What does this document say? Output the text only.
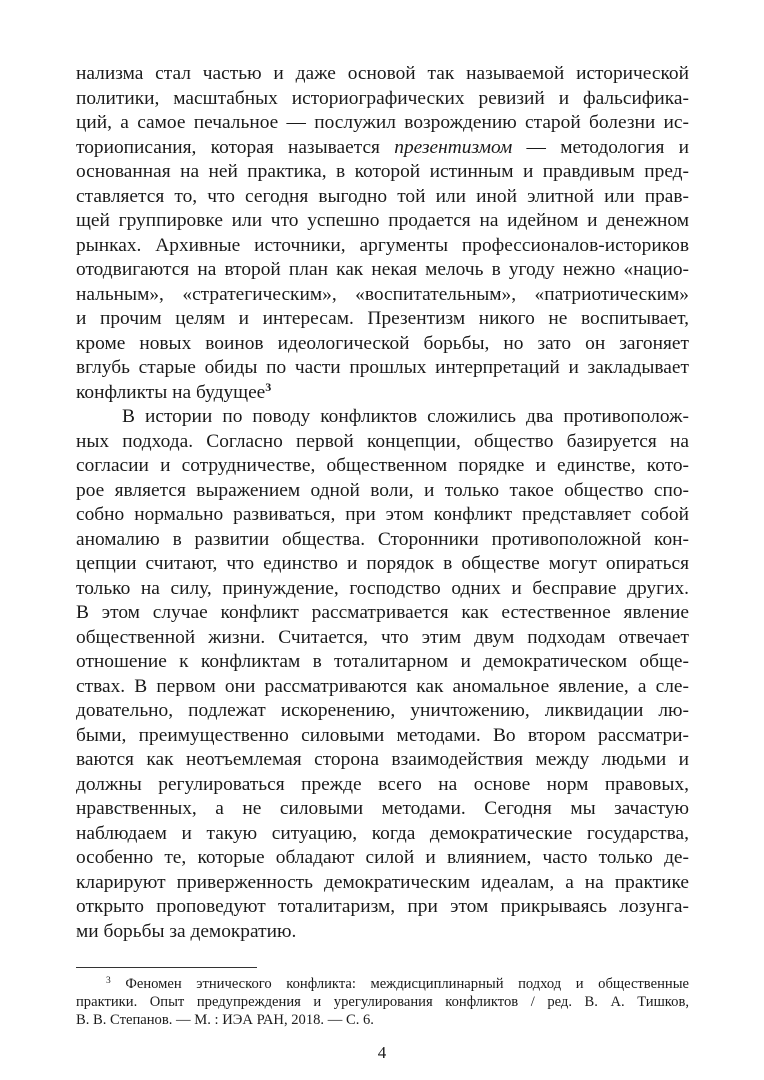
нализма стал частью и даже основой так называемой исторической
политики, масштабных историографических ревизий и фальсифика-
ций, а самое печальное — послужил возрождению старой болезни ис-
ториописания, которая называется презентизмом — методология и
основанная на ней практика, в которой истинным и правдивым пред-
ставляется то, что сегодня выгодно той или иной элитной или прав-
щей группировке или что успешно продается на идейном и денежном
рынках. Архивные источники, аргументы профессионалов-историков
отодвигаются на второй план как некая мелочь в угоду нежно «нацио-
нальным», «стратегическим», «воспитательным», «патриотическим»
и прочим целям и интересам. Презентизм никого не воспитывает,
кроме новых воинов идеологической борьбы, но зато он загоняет
вглубь старые обиды по части прошлых интерпретаций и закладывает
конфликты на будущее$^3$
В истории по поводу конфликтов сложились два противополож-
ных подхода. Согласно первой концепции, общество базируется на
согласии и сотрудничестве, общественном порядке и единстве, кото-
рое является выражением одной воли, и только такое общество спо-
собно нормально развиваться, при этом конфликт представляет собой
аномалию в развитии общества. Сторонники противоположной кон-
цепции считают, что единство и порядок в обществе могут опираться
только на силу, принуждение, господство одних и бесправие других.
В этом случае конфликт рассматривается как естественное явление
общественной жизни. Считается, что этим двум подходам отвечает
отношение к конфликтам в тоталитарном и демократическом обще-
ствах. В первом они рассматриваются как аномальное явление, а сле-
довательно, подлежат искоренению, уничтожению, ликвидации лю-
быми, преимущественно силовыми методами. Во втором рассматри-
ваются как неотъемлемая сторона взаимодействия между людьми и
должны регулироваться прежде всего на основе норм правовых,
нравственных, а не силовыми методами. Сегодня мы зачастую
наблюдаем и такую ситуацию, когда демократические государства,
особенно те, которые обладают силой и влиянием, часто только де-
кларируют приверженность демократическим идеалам, а на практике
открыто проповедуют тоталитаризм, при этом прикрываясь лозунга-
ми борьбы за демократию.
$^3$ Феномен этнического конфликта: междисциплинарный подход и общественные
практики. Опыт предупреждения и урегулирования конфликтов / ред. В. А. Тишков,
В. В. Степанов. — М. : ИЭА РАН, 2018. — С. 6.
4
